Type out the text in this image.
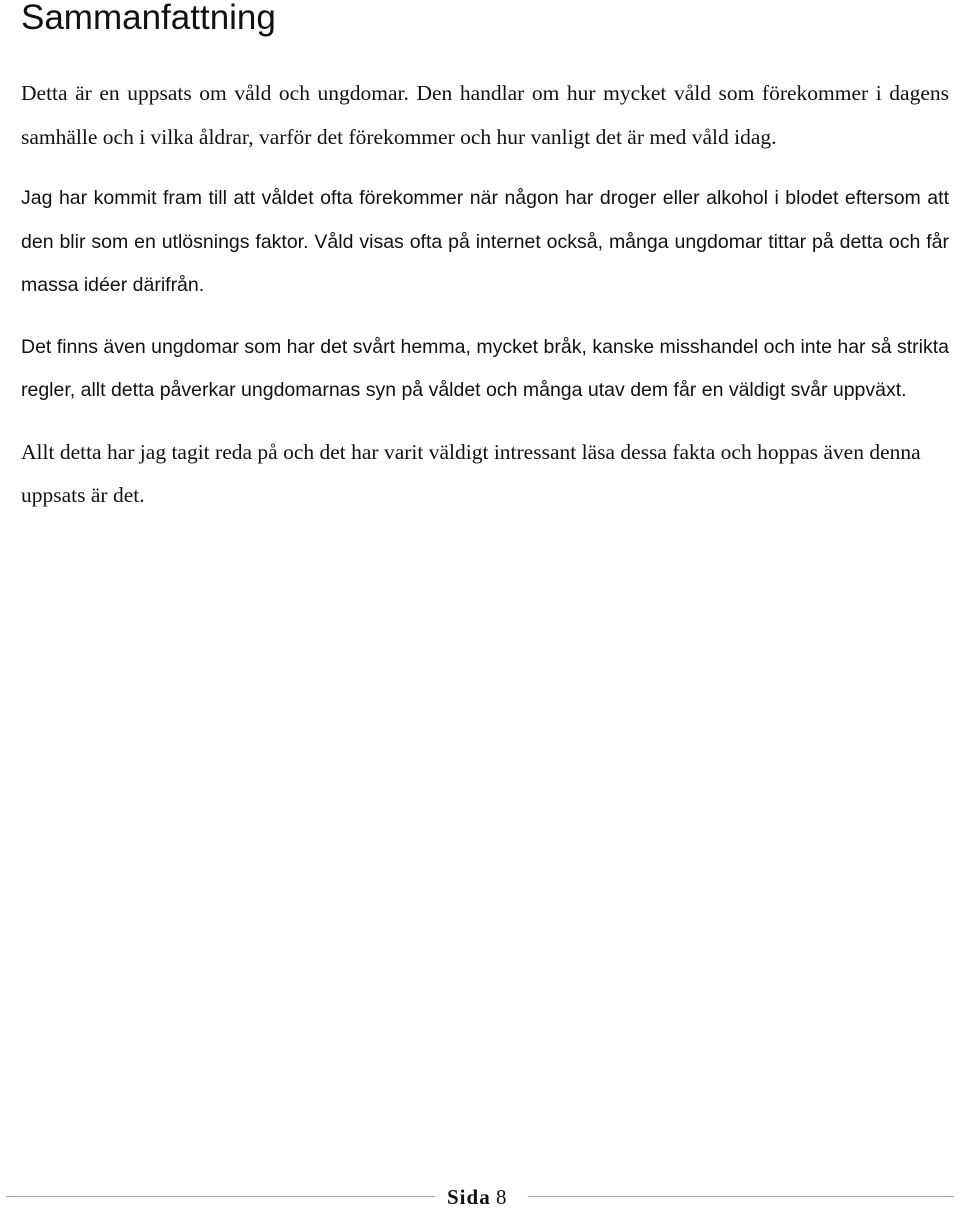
Sammanfattning

Detta är en uppsats om våld och ungdomar. Den handlar om hur mycket våld som förekommer i dagens samhälle och i vilka åldrar, varför det förekommer och hur vanligt det är med våld idag.

Jag har kommit fram till att våldet ofta förekommer när någon har droger eller alkohol i blodet eftersom att den blir som en utlösnings faktor. Våld visas ofta på internet också, många ungdomar tittar på detta och får massa idéer därifrån.

Det finns även ungdomar som har det svårt hemma, mycket bråk, kanske misshandel och inte har så strikta regler, allt detta påverkar ungdomarnas syn på våldet och många utav dem får en väldigt svår uppväxt.

Allt detta har jag tagit reda på och det har varit väldigt intressant läsa dessa fakta och hoppas även denna uppsats är det.

Sida 8
